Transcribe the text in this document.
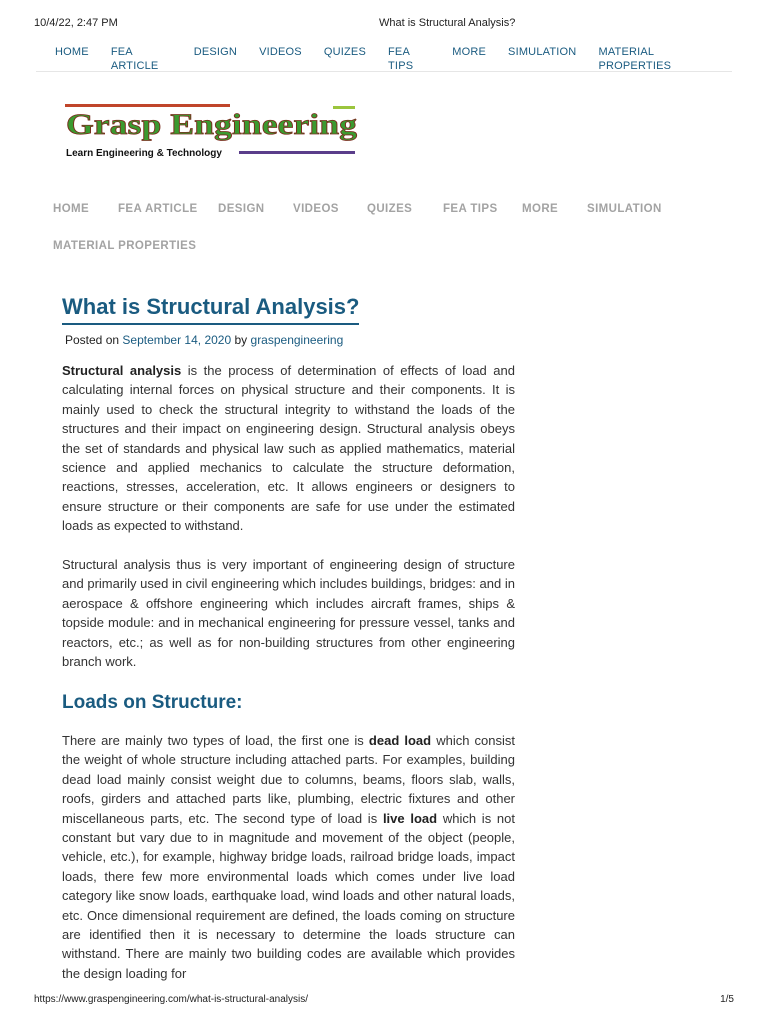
10/4/22, 2:47 PM	What is Structural Analysis?
HOME FEA ARTICLE
DESIGN VIDEOS QUIZES FEA TIPS
MORE SIMULATION MATERIAL PROPERTIES
Grasp Engineering
Learn Engineering & Technology
HOME	FEA ARTICLE DESIGN VIDEOS QUIZES	FEA TIPS MORE	SIMULATION
MATERIAL PROPERTIES
What is Structural Analysis?
Posted on September 14, 2020 by graspengineering

Structural analysis is the process of determination of effects of load and calculating internal forces on physical structure and their components. It is mainly used to check the structural integrity to withstand the loads of the structures and their impact on engineering design. Structural analysis obeys the set of standards and physical law such as applied mathematics, material science and applied mechanics to calculate the structure deformation, reactions, stresses, acceleration, etc. It allows engineers or designers to ensure structure or their components are safe for use under the estimated loads as expected to withstand.

Structural analysis thus is very important of engineering design of structure and primarily used in civil engineering which includes buildings, bridges: and in aerospace & offshore engineering which includes aircraft frames, ships & topside module: and in mechanical engineering for pressure vessel, tanks and reactors, etc.; as well as for non-building structures from other engineering branch work.

Loads on Structure:

There are mainly two types of load, the first one is dead load which consist the weight of whole structure including attached parts. For examples, building dead load mainly consist weight due to columns, beams, floors slab, walls, roofs, girders and attached parts like, plumbing, electric fixtures and other miscellaneous parts, etc. The second type of load is live load which is not constant but vary due to in magnitude and movement of the object (people, vehicle, etc.), for example, highway bridge loads, railroad bridge loads, impact loads, there few more environmental loads which comes under live load category like snow loads, earthquake load, wind loads and other natural loads, etc. Once dimensional requirement are defined, the loads coming on structure are identified then it is necessary to determine the loads structure can withstand. There are mainly two building codes are available which provides the design loading for

https://www.graspengineering.com/what-is-structural-analysis/	1/5
